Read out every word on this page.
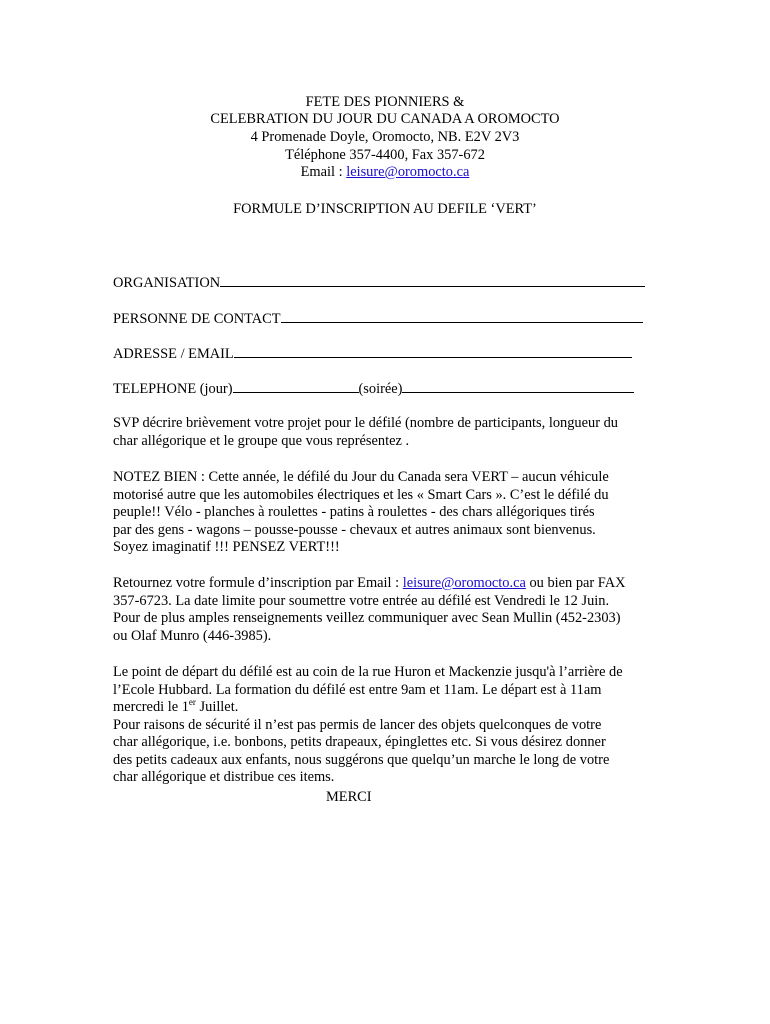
FETE DES PIONNIERS &
CELEBRATION DU JOUR DU CANADA A OROMOCTO
4 Promenade Doyle, Oromocto, NB. E2V 2V3
Téléphone 357-4400, Fax 357-672
Email : leisure@oromocto.ca
FORMULE D’INSCRIPTION AU DEFILE ‘VERT’
ORGANISATION
PERSONNE DE CONTACT
ADRESSE / EMAIL
TELEPHONE (jour)	(soirée)
SVP décrire brièvement votre projet pour le défilé (nombre de participants, longueur du
char allégorique et le groupe que vous représentez .
NOTEZ BIEN : Cette année, le défilé du Jour du Canada sera VERT – aucun véhicule
motorisé autre que les automobiles électriques et les « Smart Cars ». C’est le défilé du
peuple!! Vélo - planches à roulettes - patins à roulettes - des chars allégoriques tirés
par des gens - wagons – pousse-pousse - chevaux et autres animaux sont bienvenus.
Soyez imaginatif !!! PENSEZ VERT!!!
Retournez votre formule d’inscription par Email : leisure@oromocto.ca ou bien par FAX
357-6723. La date limite pour soumettre votre entrée au défilé est Vendredi le 12 Juin.
Pour de plus amples renseignements veillez communiquer avec Sean Mullin (452-2303)
ou Olaf Munro (446-3985).
Le point de départ du défilé est au coin de la rue Huron et Mackenzie jusqu'à l’arrière de
l’Ecole Hubbard. La formation du défilé est entre 9am et 11am. Le départ est à 11am
mercredi le 1er Juillet.
Pour raisons de sécurité il n’est pas permis de lancer des objets quelconques de votre
char allégorique, i.e. bonbons, petits drapeaux, épinglettes etc. Si vous désirez donner
des petits cadeaux aux enfants, nous suggérons que quelqu’un marche le long de votre
char allégorique et distribue ces items.
MERCI
